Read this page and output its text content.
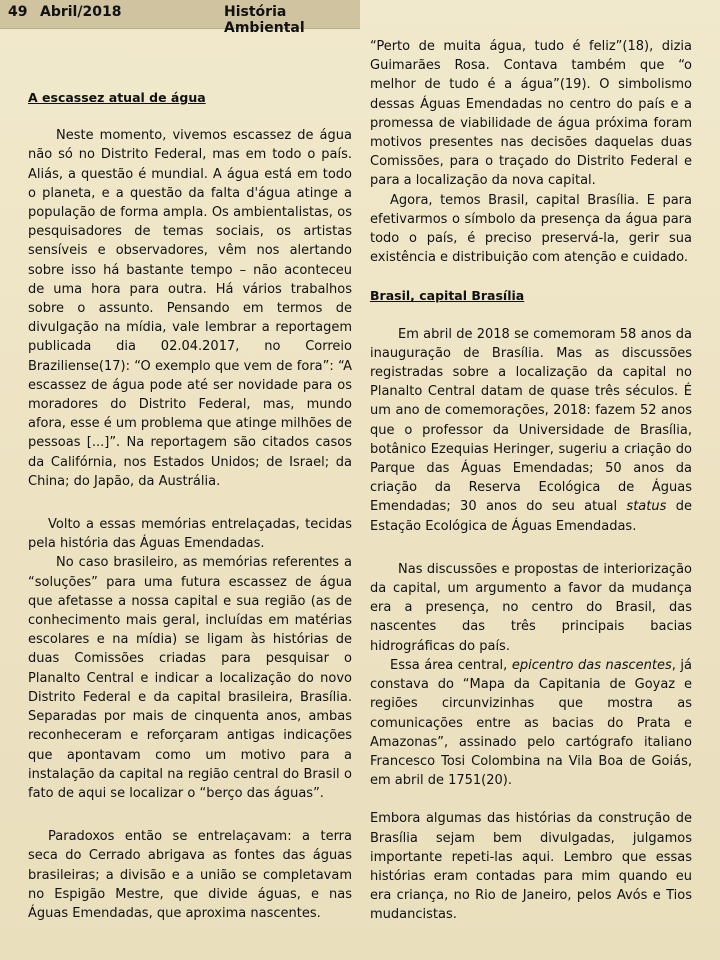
49 Abril/2018	História Ambiental

A escassez atual de água

Neste momento, vivemos escassez de água não só no Distrito Federal, mas em todo o país. Aliás, a questão é mundial. A água está em todo o planeta, e a questão da falta d'água atinge a população de forma ampla. Os ambientalistas, os pesquisadores de temas sociais, os artistas sensíveis e observadores, vêm nos alertando sobre isso há bastante tempo – não aconteceu de uma hora para outra. Há vários trabalhos sobre o assunto. Pensando em termos de divulgação na mídia, vale lembrar a reportagem publicada dia 02.04.2017, no Correio Braziliense(17): “O exemplo que vem de fora”: “A escassez de água pode até ser novidade para os moradores do Distrito Federal, mas, mundo afora, esse é um problema que atinge milhões de pessoas [...]”. Na reportagem são citados casos da Califórnia, nos Estados Unidos; de Israel; da China; do Japão, da Austrália.

Volto a essas memórias entrelaçadas, tecidas pela história das Águas Emendadas.

No caso brasileiro, as memórias referentes a “soluções” para uma futura escassez de água que afetasse a nossa capital e sua região (as de conhecimento mais geral, incluídas em matérias escolares e na mídia) se ligam às histórias de duas Comissões criadas para pesquisar o Planalto Central e indicar a localização do novo Distrito Federal e da capital brasileira, Brasília. Separadas por mais de cinquenta anos, ambas reconheceram e reforçaram antigas indicações que apontavam como um motivo para a instalação da capital na região central do Brasil o fato de aqui se localizar o “berço das águas”.

Paradoxos então se entrelaçavam: a terra seca do Cerrado abrigava as fontes das águas brasileiras; a divisão e a união se completavam no Espigão Mestre, que divide águas, e nas Águas Emendadas, que aproxima nascentes.

“Perto de muita água, tudo é feliz”(18), dizia Guimarães Rosa. Contava também que “o melhor de tudo é a água”(19). O simbolismo dessas Águas Emendadas no centro do país e a promessa de viabilidade de água próxima foram motivos presentes nas decisões daquelas duas Comissões, para o traçado do Distrito Federal e para a localização da nova capital.

Agora, temos Brasil, capital Brasília. E para efetivarmos o símbolo da presença da água para todo o país, é preciso preservá-la, gerir sua existência e distribuição com atenção e cuidado.

Brasil, capital Brasília

Em abril de 2018 se comemoram 58 anos da inauguração de Brasília. Mas as discussões registradas sobre a localização da capital no Planalto Central datam de quase três séculos. É um ano de comemorações, 2018: fazem 52 anos que o professor da Universidade de Brasília, botânico Ezequias Heringer, sugeriu a criação do Parque das Águas Emendadas; 50 anos da criação da Reserva Ecológica de Águas Emendadas; 30 anos do seu atual status de Estação Ecológica de Águas Emendadas.

Nas discussões e propostas de interiorização da capital, um argumento a favor da mudança era a presença, no centro do Brasil, das nascentes das três principais bacias hidrográficas do país.

Essa área central, epicentro das nascentes, já constava do “Mapa da Capitania de Goyaz e regiões circunvizinhas que mostra as comunicações entre as bacias do Prata e Amazonas”, assinado pelo cartógrafo italiano Francesco Tosi Colombina na Vila Boa de Goiás, em abril de 1751(20).

Embora algumas das histórias da construção de Brasília sejam bem divulgadas, julgamos importante repeti-las aqui. Lembro que essas histórias eram contadas para mim quando eu era criança, no Rio de Janeiro, pelos Avós e Tios mudancistas.
